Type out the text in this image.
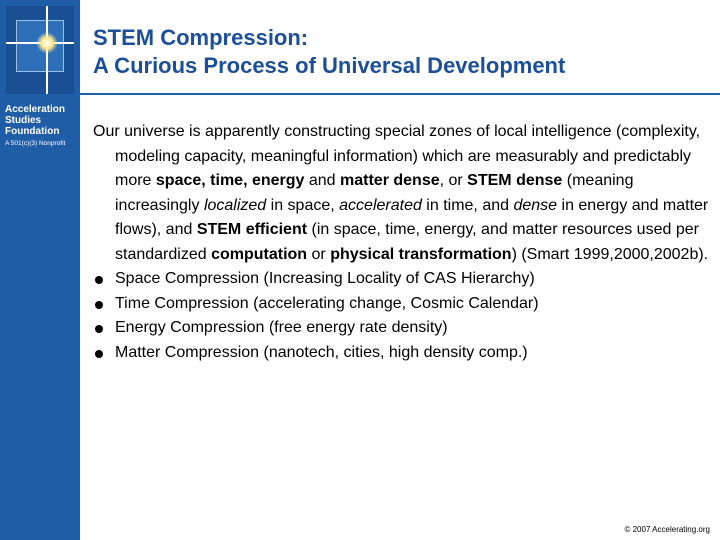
Acceleration
Studies
Foundation
A 501(c)(3) Nonprofit
STEM Compression:
A Curious Process of Universal Development

Our universe is apparently constructing special zones of local intelligence (complexity, modeling capacity, meaningful information) which are measurably and predictably more space, time, energy and matter dense, or STEM dense (meaning increasingly localized in space, accelerated in time, and dense in energy and matter flows), and STEM efficient (in space, time, energy, and matter resources used per standardized computation or physical transformation) (Smart 1999,2000,2002b).

Space Compression (Increasing Locality of CAS Hierarchy)
Time Compression (accelerating change, Cosmic Calendar)
Energy Compression (free energy rate density)
Matter Compression (nanotech, cities, high density comp.)
© 2007 Accelerating.org
